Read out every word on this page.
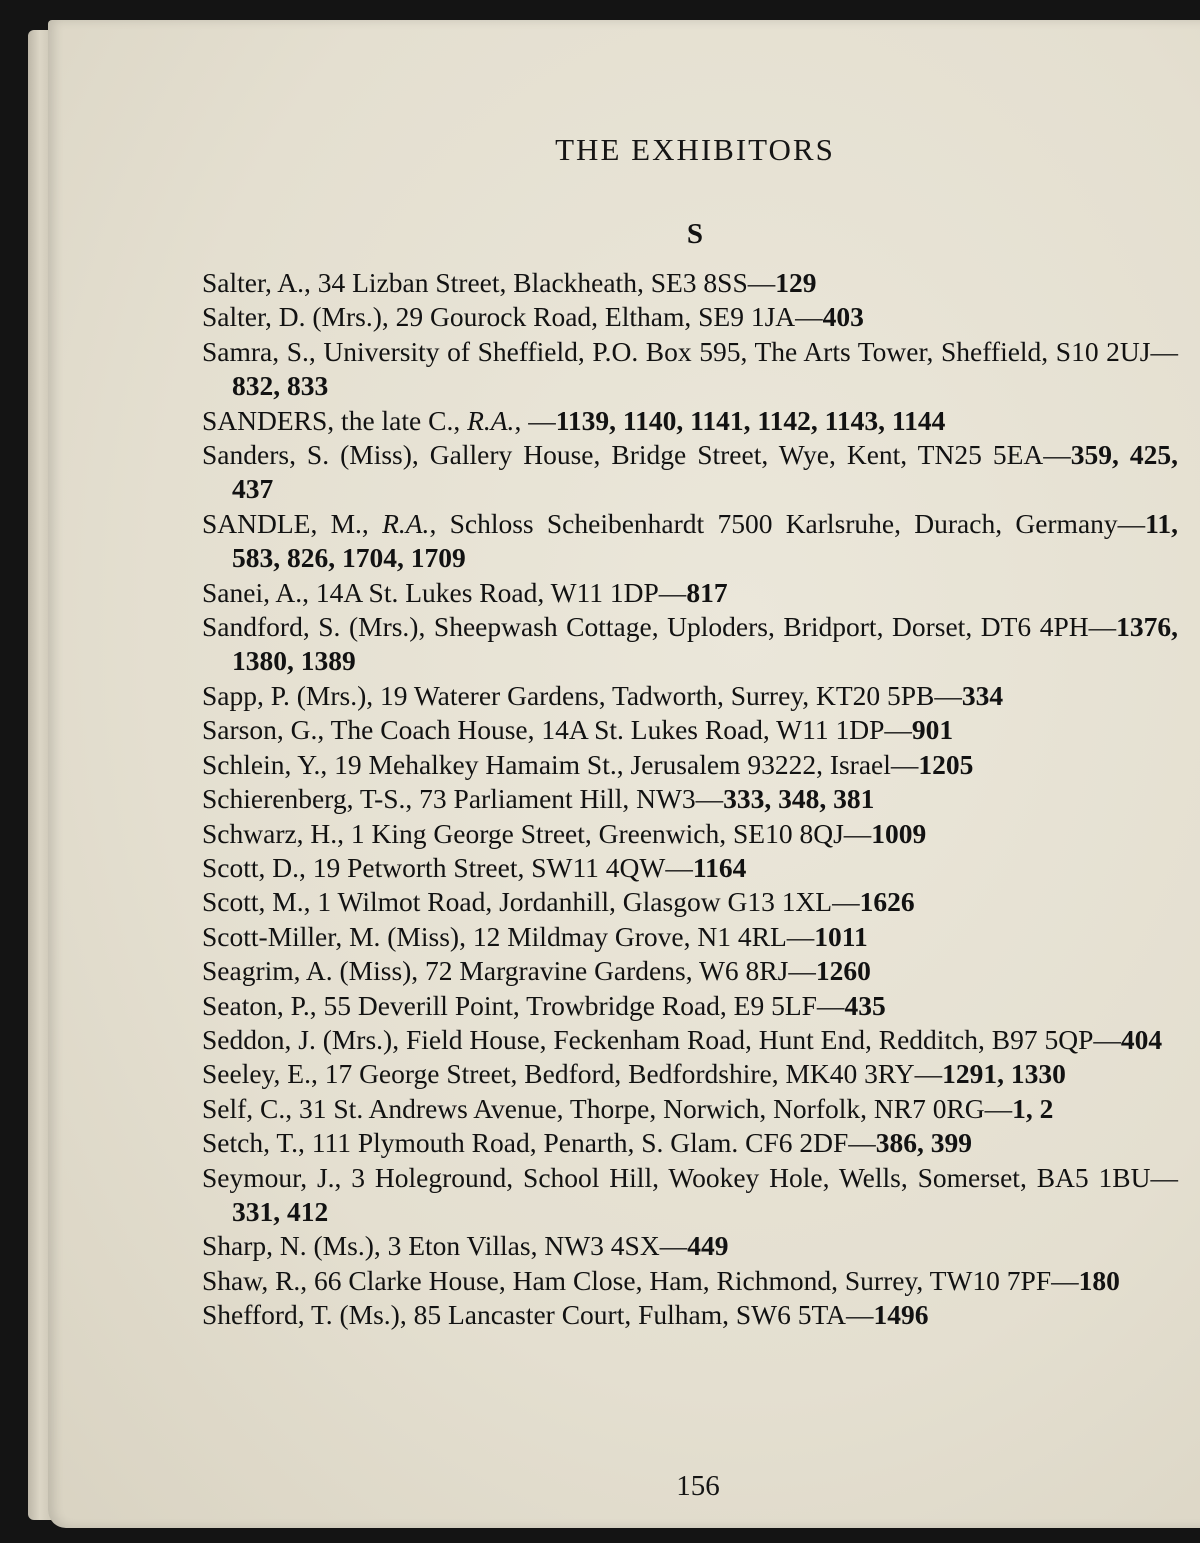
THE EXHIBITORS
S
Salter, A., 34 Lizban Street, Blackheath, SE3 8SS—129
Salter, D. (Mrs.), 29 Gourock Road, Eltham, SE9 1JA—403
Samra, S., University of Sheffield, P.O. Box 595, The Arts Tower, Sheffield, S10 2UJ—832, 833
SANDERS, the late C., R.A., —1139, 1140, 1141, 1142, 1143, 1144
Sanders, S. (Miss), Gallery House, Bridge Street, Wye, Kent, TN25 5EA—359, 425, 437
SANDLE, M., R.A., Schloss Scheibenhardt 7500 Karlsruhe, Durach, Germany—11, 583, 826, 1704, 1709
Sanei, A., 14A St. Lukes Road, W11 1DP—817
Sandford, S. (Mrs.), Sheepwash Cottage, Uploders, Bridport, Dorset, DT6 4PH—1376, 1380, 1389
Sapp, P. (Mrs.), 19 Waterer Gardens, Tadworth, Surrey, KT20 5PB—334
Sarson, G., The Coach House, 14A St. Lukes Road, W11 1DP—901
Schlein, Y., 19 Mehalkey Hamaim St., Jerusalem 93222, Israel—1205
Schierenberg, T-S., 73 Parliament Hill, NW3—333, 348, 381
Schwarz, H., 1 King George Street, Greenwich, SE10 8QJ—1009
Scott, D., 19 Petworth Street, SW11 4QW—1164
Scott, M., 1 Wilmot Road, Jordanhill, Glasgow G13 1XL—1626
Scott-Miller, M. (Miss), 12 Mildmay Grove, N1 4RL—1011
Seagrim, A. (Miss), 72 Margravine Gardens, W6 8RJ—1260
Seaton, P., 55 Deverill Point, Trowbridge Road, E9 5LF—435
Seddon, J. (Mrs.), Field House, Feckenham Road, Hunt End, Redditch, B97 5QP—404
Seeley, E., 17 George Street, Bedford, Bedfordshire, MK40 3RY—1291, 1330
Self, C., 31 St. Andrews Avenue, Thorpe, Norwich, Norfolk, NR7 0RG—1, 2
Setch, T., 111 Plymouth Road, Penarth, S. Glam. CF6 2DF—386, 399
Seymour, J., 3 Holeground, School Hill, Wookey Hole, Wells, Somerset, BA5 1BU—331, 412
Sharp, N. (Ms.), 3 Eton Villas, NW3 4SX—449
Shaw, R., 66 Clarke House, Ham Close, Ham, Richmond, Surrey, TW10 7PF—180
Shefford, T. (Ms.), 85 Lancaster Court, Fulham, SW6 5TA—1496
156
